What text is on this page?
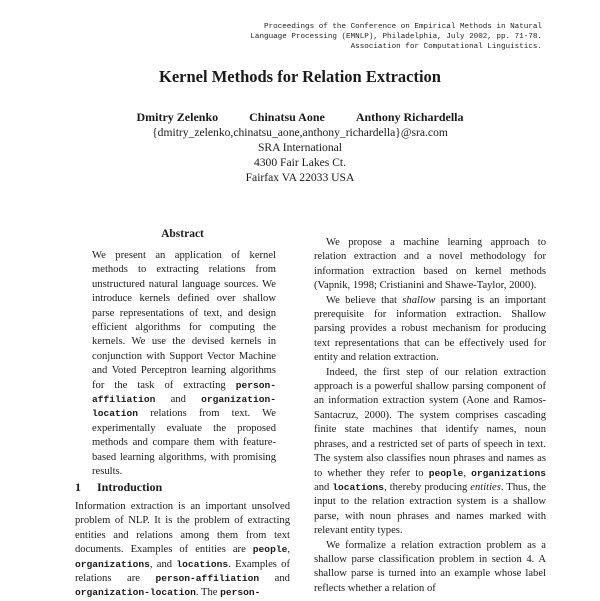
Proceedings of the Conference on Empirical Methods in Natural
Language Processing (EMNLP), Philadelphia, July 2002, pp. 71-78.
Association for Computational Linguistics.
Kernel Methods for Relation Extraction
Dmitry Zelenko	Chinatsu Aone	Anthony Richardella
{dmitry_zelenko,chinatsu_aone,anthony_richardella}@sra.com
SRA International
4300 Fair Lakes Ct.
Fairfax VA 22033 USA
Abstract
We present an application of kernel methods to extracting relations from unstructured natural language sources. We introduce kernels defined over shallow parse representations of text, and design efficient algorithms for computing the kernels. We use the devised kernels in conjunction with Support Vector Machine and Voted Perceptron learning algorithms for the task of extracting person-affiliation and organization-location relations from text. We experimentally evaluate the proposed methods and compare them with feature-based learning algorithms, with promising results.
1 Introduction
Information extraction is an important unsolved problem of NLP. It is the problem of extracting entities and relations among them from text documents. Examples of entities are people, organizations, and locations. Examples of relations are person-affiliation and organization-location. The person-

We propose a machine learning approach to relation extraction and a novel methodology for information extraction based on kernel methods (Vapnik, 1998; Cristianini and Shawe-Taylor, 2000).

We believe that shallow parsing is an important prerequisite for information extraction. Shallow parsing provides a robust mechanism for producing text representations that can be effectively used for entity and relation extraction.

Indeed, the first step of our relation extraction approach is a powerful shallow parsing component of an information extraction system (Aone and Ramos-Santacruz, 2000). The system comprises cascading finite state machines that identify names, noun phrases, and a restricted set of parts of speech in text. The system also classifies noun phrases and names as to whether they refer to people, organizations and locations, thereby producing entities. Thus, the input to the relation extraction system is a shallow parse, with noun phrases and names marked with relevant entity types.

We formalize a relation extraction problem as a shallow parse classification problem in section 4. A shallow parse is turned into an example whose label reflects whether a relation of
